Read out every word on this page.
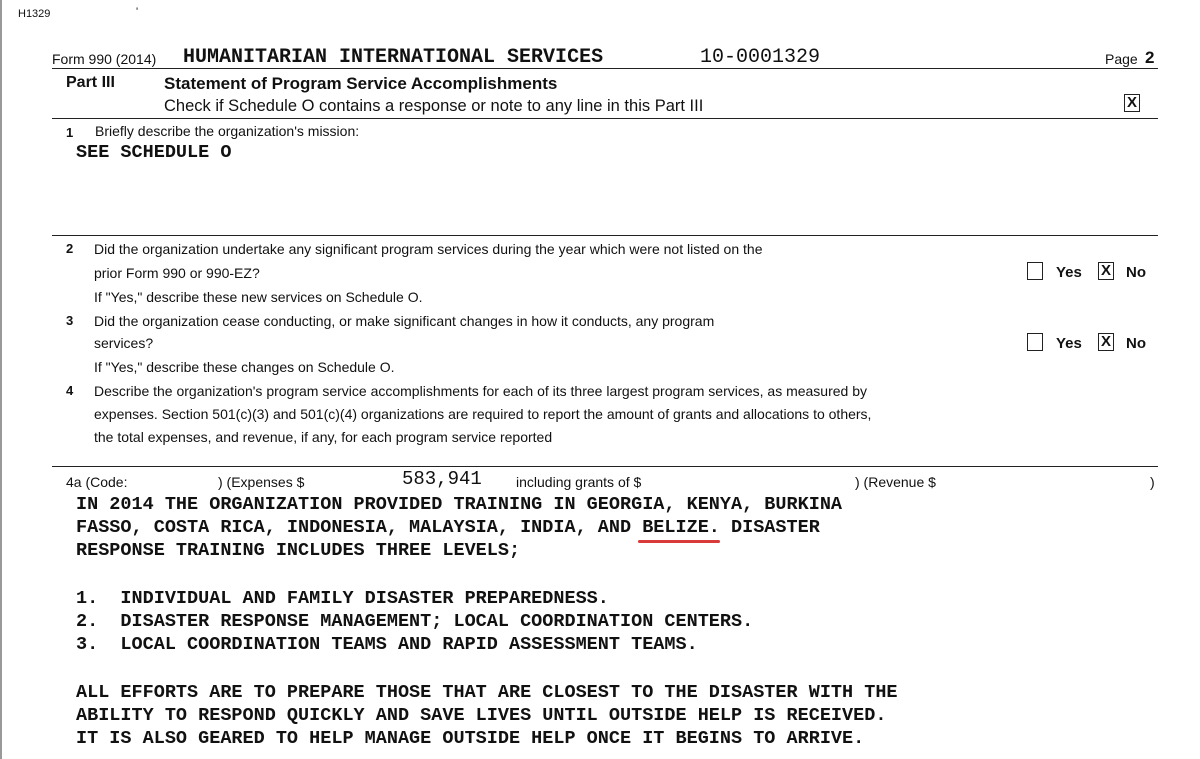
H1329	'
Form 990 (2014) HUMANITARIAN INTERNATIONAL SERVICES	10-0001329	Page 2
Part III	Statement of Program Service Accomplishments
Check if Schedule O contains a response or note to any line in this Part III	X
1 Briefly describe the organization's mission:
SEE SCHEDULE O
2 Did the organization undertake any significant program services during the year which were not listed on the
prior Form 990 or 990-EZ?
If "Yes," describe these new services on Schedule O.
Yes X No
3 Did the organization cease conducting, or make significant changes in how it conducts, any program
services?
If "Yes," describe these changes on Schedule O.
Yes X No
4 Describe the organization's program service accomplishments for each of its three largest program services, as measured by
expenses. Section 501(c)(3) and 501(c)(4) organizations are required to report the amount of grants and allocations to others,
the total expenses, and revenue, if any, for each program service reported
4a (Code:	) (Expenses $	583,941 including grants of $	) (Revenue $	)
IN 2014 THE ORGANIZATION PROVIDED TRAINING IN GEORGIA, KENYA, BURKINA
FASSO, COSTA RICA, INDONESIA, MALAYSIA, INDIA, AND BELIZE. DISASTER
RESPONSE TRAINING INCLUDES THREE LEVELS;
1.  INDIVIDUAL AND FAMILY DISASTER PREPAREDNESS.
2.  DISASTER RESPONSE MANAGEMENT; LOCAL COORDINATION CENTERS.
3.  LOCAL COORDINATION TEAMS AND RAPID ASSESSMENT TEAMS.
ALL EFFORTS ARE TO PREPARE THOSE THAT ARE CLOSEST TO THE DISASTER WITH THE
ABILITY TO RESPOND QUICKLY AND SAVE LIVES UNTIL OUTSIDE HELP IS RECEIVED.
IT IS ALSO GEARED TO HELP MANAGE OUTSIDE HELP ONCE IT BEGINS TO ARRIVE.
